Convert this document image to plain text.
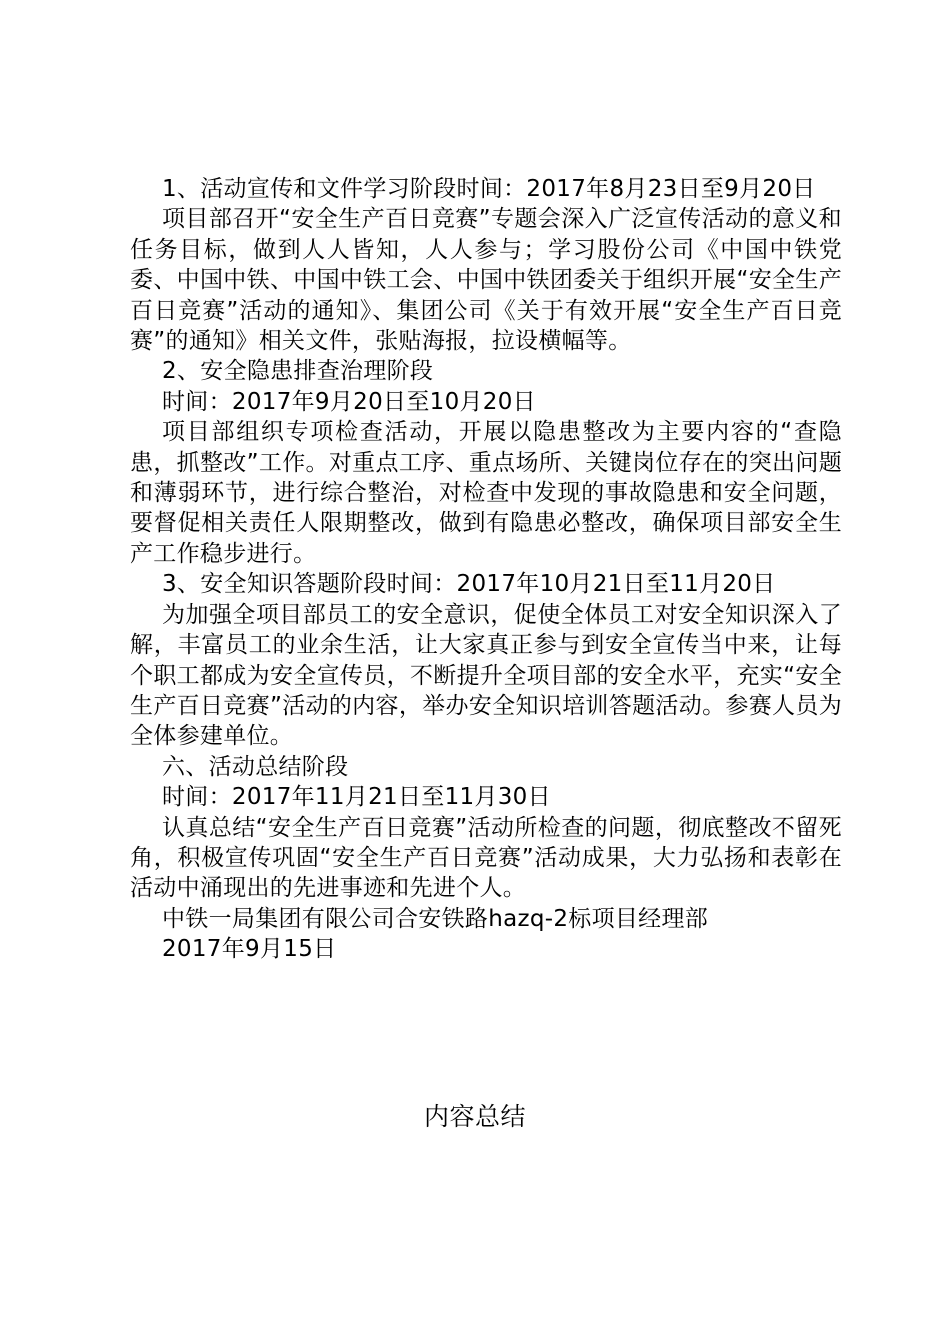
1、活动宣传和文件学习阶段时间：2017年8月23日至9月20日

项目部召开“安全生产百日竞赛”专题会深入广泛宣传活动的意义和任务目标，做到人人皆知，人人参与；学习股份公司《中国中铁党委、中国中铁、中国中铁工会、中国中铁团委关于组织开展“安全生产百日竞赛”活动的通知》、集团公司《关于有效开展“安全生产百日竞赛”的通知》相关文件，张贴海报，拉设横幅等。

2、安全隐患排查治理阶段

时间：2017年9月20日至10月20日

项目部组织专项检查活动，开展以隐患整改为主要内容的“查隐患，抓整改”工作。对重点工序、重点场所、关键岗位存在的突出问题和薄弱环节，进行综合整治，对检查中发现的事故隐患和安全问题，要督促相关责任人限期整改，做到有隐患必整改，确保项目部安全生产工作稳步进行。

3、安全知识答题阶段时间：2017年10月21日至11月20日

为加强全项目部员工的安全意识，促使全体员工对安全知识深入了解，丰富员工的业余生活，让大家真正参与到安全宣传当中来，让每个职工都成为安全宣传员，不断提升全项目部的安全水平，充实“安全生产百日竞赛”活动的内容，举办安全知识培训答题活动。参赛人员为全体参建单位。

六、活动总结阶段

时间：2017年11月21日至11月30日

认真总结“安全生产百日竞赛”活动所检查的问题，彻底整改不留死角，积极宣传巩固“安全生产百日竞赛”活动成果，大力弘扬和表彰在活动中涌现出的先进事迹和先进个人。

中铁一局集团有限公司合安铁路hazq-2标项目经理部

2017年9月15日

内容总结
